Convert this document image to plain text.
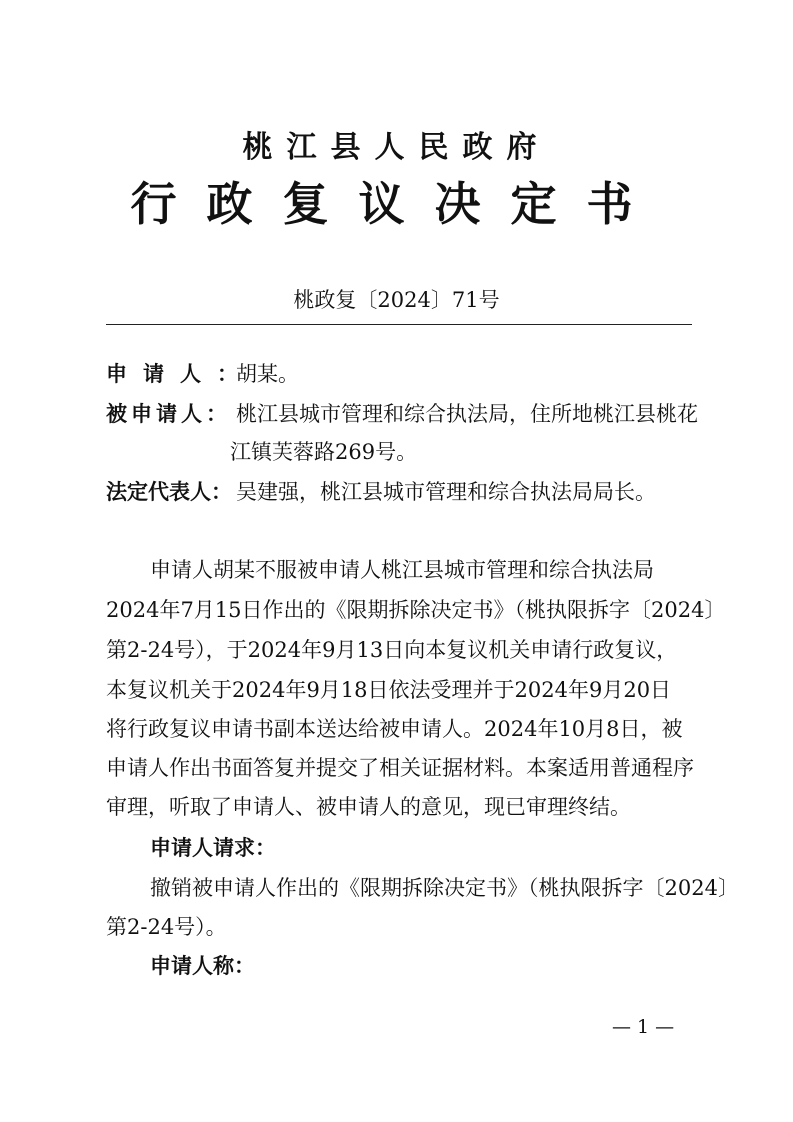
桃江县人民政府
行政复议决定书
桃政复〔2024〕71号
申请人：胡某。
被申请人： 桃江县城市管理和综合执法局，住所地桃江县桃花
江镇芙蓉路269号。
法定代表人： 吴建强，桃江县城市管理和综合执法局局长。
申请人胡某不服被申请人桃江县城市管理和综合执法局
2024年7月15日作出的《限期拆除决定书》（桃执限拆字〔2024〕
第2-24号），于2024年9月13日向本复议机关申请行政复议，
本复议机关于2024年9月18日依法受理并于2024年9月20日
将行政复议申请书副本送达给被申请人。2024年10月8日，被
申请人作出书面答复并提交了相关证据材料。本案适用普通程序
审理，听取了申请人、被申请人的意见，现已审理终结。
申请人请求：
撤销被申请人作出的《限期拆除决定书》（桃执限拆字〔2024〕
第2-24号）。
申请人称：
— 1 —
